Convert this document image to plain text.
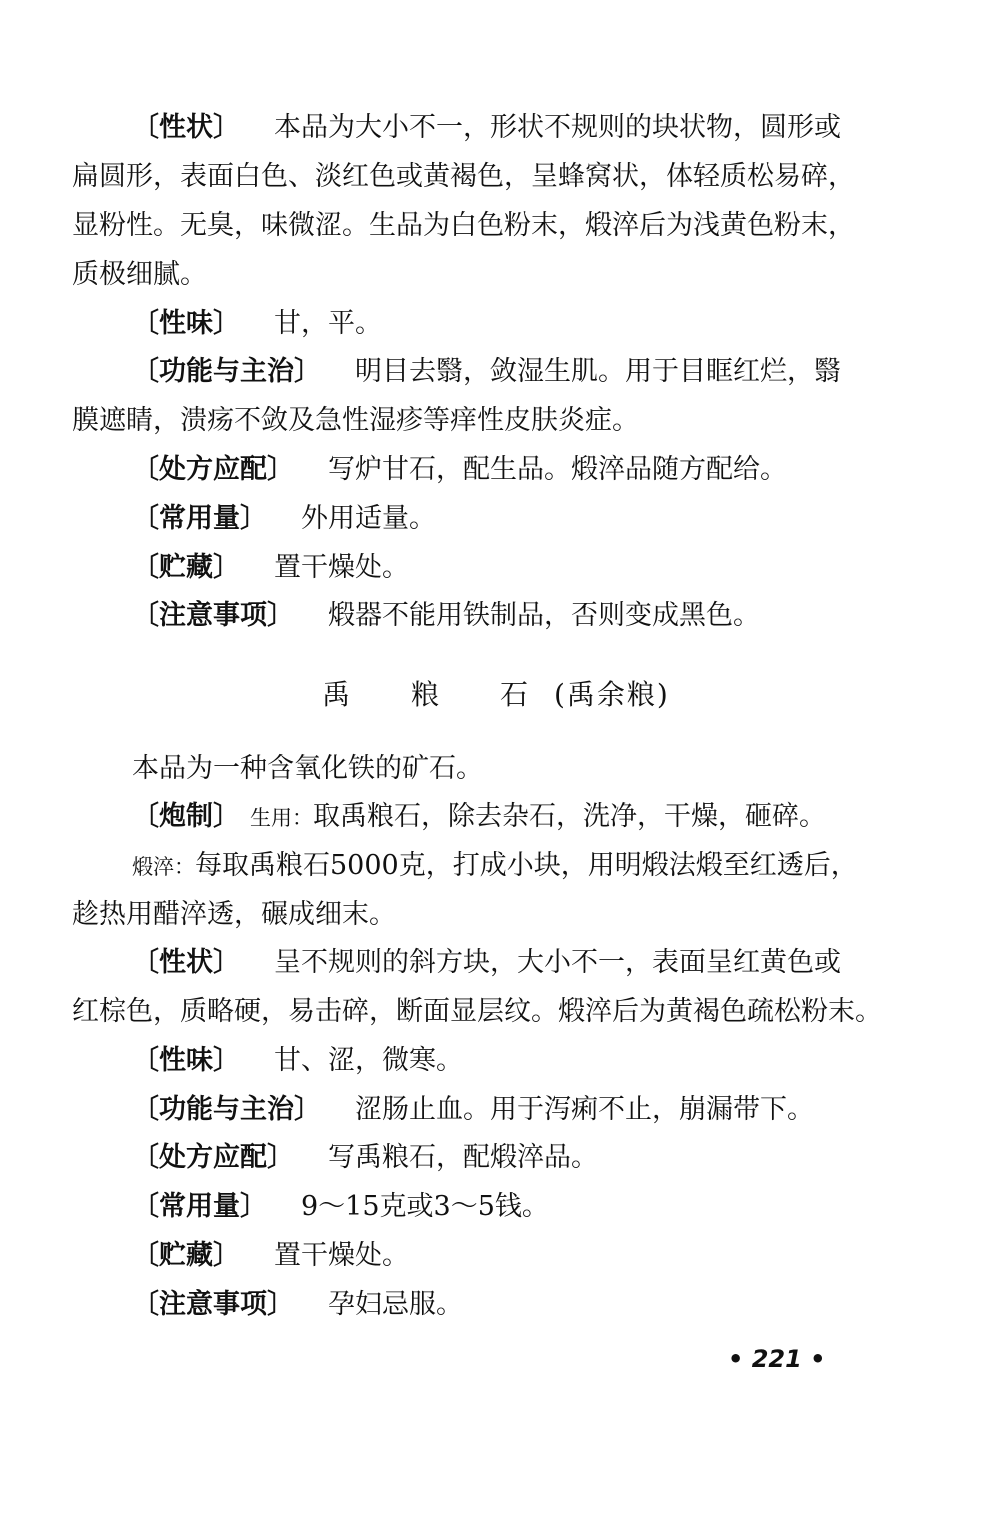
〔性状〕 本品为大小不一，形状不规则的块状物，圆形或
扁圆形，表面白色、淡红色或黄褐色，呈蜂窝状，体轻质松易碎，
显粉性。无臭，味微涩。生品为白色粉末，煅淬后为浅黄色粉末，
质极细腻。
〔性味〕 甘，平。
〔功能与主治〕 明目去翳，敛湿生肌。用于目眶红烂，翳
膜遮睛，溃疡不敛及急性湿疹等痒性皮肤炎症。
〔处方应配〕 写炉甘石，配生品。煅淬品随方配给。
〔常用量〕 外用适量。
〔贮藏〕 置干燥处。
〔注意事项〕 煅器不能用铁制品，否则变成黑色。
禹 粮 石(禹余粮)
本品为一种含氧化铁的矿石。
〔炮制〕 生用：取禹粮石，除去杂石，洗净，干燥，砸碎。
煅淬：每取禹粮石5000克，打成小块，用明煅法煅至红透后，
趁热用醋淬透，碾成细末。
〔性状〕 呈不规则的斜方块，大小不一，表面呈红黄色或
红棕色，质略硬，易击碎，断面显层纹。煅淬后为黄褐色疏松粉末。
〔性味〕 甘、涩，微寒。
〔功能与主治〕 涩肠止血。用于泻痢不止，崩漏带下。
〔处方应配〕 写禹粮石，配煅淬品。
〔常用量〕 9～15克或3～5钱。
〔贮藏〕 置干燥处。
〔注意事项〕 孕妇忌服。
• 221 •
